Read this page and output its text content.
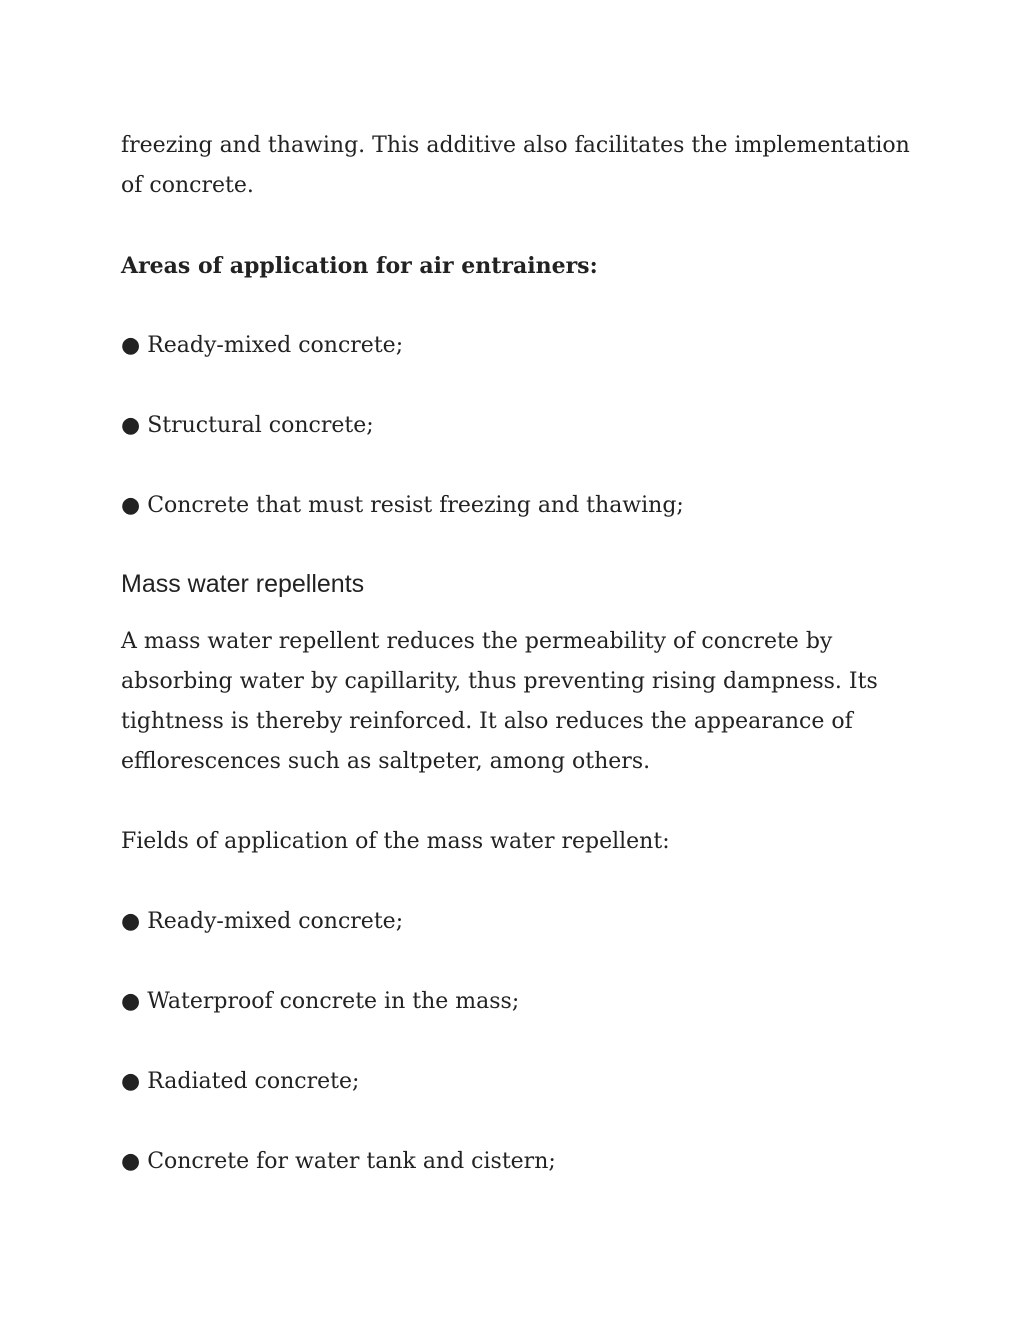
freezing and thawing. This additive also facilitates the implementation of concrete.

Areas of application for air entrainers:

● Ready-mixed concrete;
● Structural concrete;
● Concrete that must resist freezing and thawing;
Mass water repellents

A mass water repellent reduces the permeability of concrete by absorbing water by capillarity, thus preventing rising dampness. Its tightness is thereby reinforced. It also reduces the appearance of efflorescences such as saltpeter, among others.

Fields of application of the mass water repellent:

● Ready-mixed concrete;
● Waterproof concrete in the mass;
● Radiated concrete;
● Concrete for water tank and cistern;
